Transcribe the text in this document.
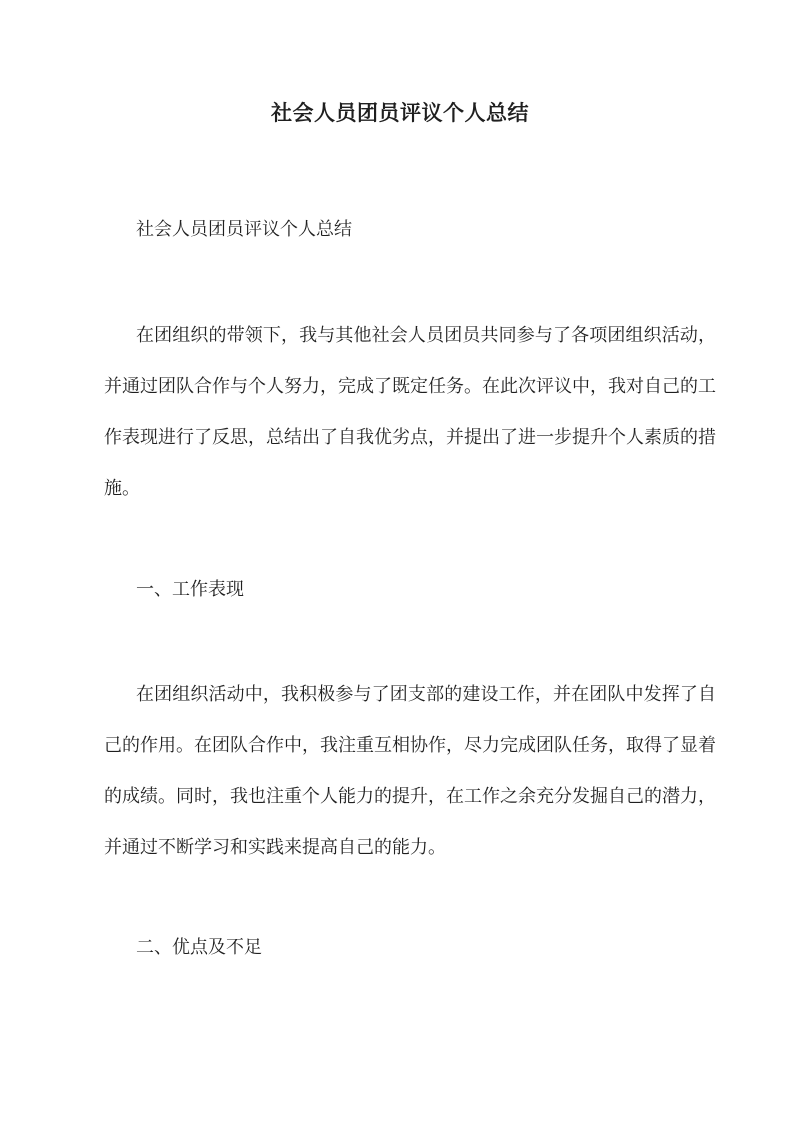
社会人员团员评议个人总结

社会人员团员评议个人总结

在团组织的带领下，我与其他社会人员团员共同参与了各项团组织活动，并通过团队合作与个人努力，完成了既定任务。在此次评议中，我对自己的工作表现进行了反思，总结出了自我优劣点，并提出了进一步提升个人素质的措施。

一、工作表现

在团组织活动中，我积极参与了团支部的建设工作，并在团队中发挥了自己的作用。在团队合作中，我注重互相协作，尽力完成团队任务，取得了显着的成绩。同时，我也注重个人能力的提升，在工作之余充分发掘自己的潜力，并通过不断学习和实践来提高自己的能力。

二、优点及不足
